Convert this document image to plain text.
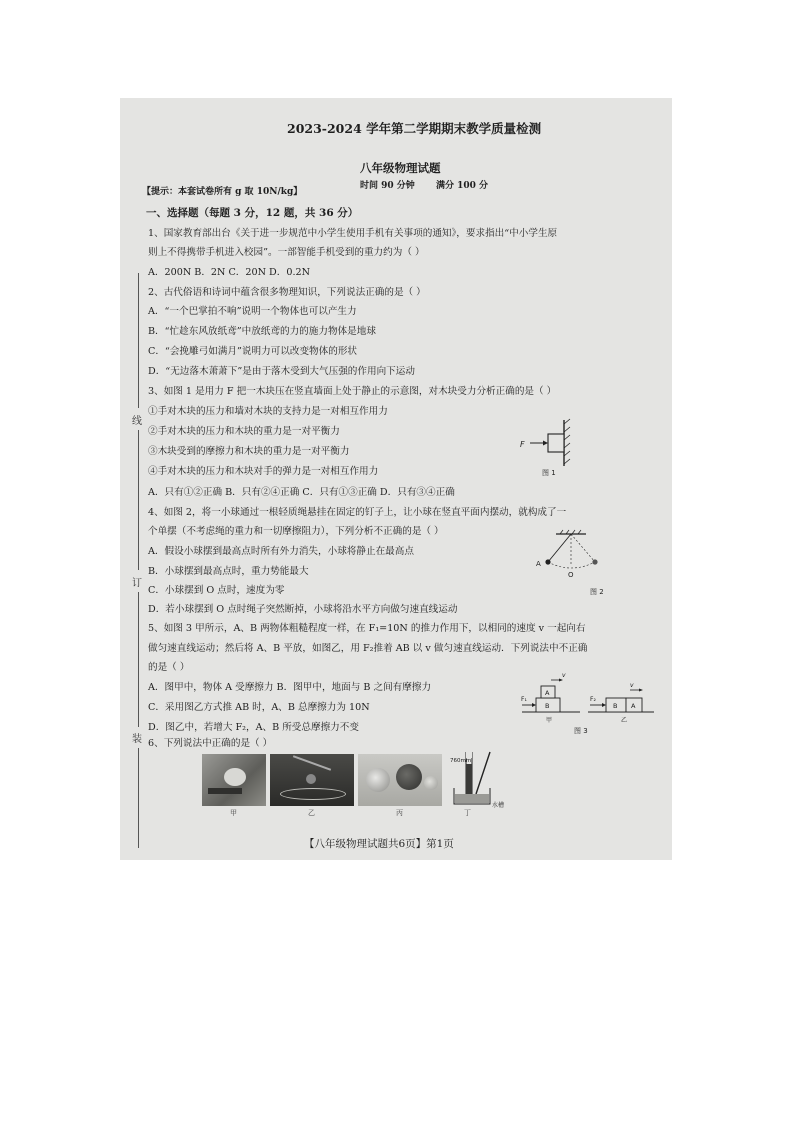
线
订
装
2023-2024 学年第二学期期末教学质量检测
八年级物理试题
时间 90 分钟 满分 100 分
【提示：本套试卷所有 g 取 10N/kg】
一、选择题（每题 3 分，12 题，共 36 分）
1、国家教育部出台《关于进一步规范中小学生使用手机有关事项的通知》，要求指出“中小学生原
则上不得携带手机进入校园”。一部智能手机受到的重力约为（ ）
A．200N B．2N C．20N D．0.2N
2、古代俗语和诗词中蕴含很多物理知识，下列说法正确的是（ ）
A．“一个巴掌拍不响”说明一个物体也可以产生力
B．“忙趁东风放纸鸢”中放纸鸢的力的施力物体是地球
C．“会挽雕弓如满月”说明力可以改变物体的形状
D．“无边落木萧萧下”是由于落木受到大气压强的作用向下运动
3、如图 1 是用力 F 把一木块压在竖直墙面上处于静止的示意图，对木块受力分析正确的是（ ）
①手对木块的压力和墙对木块的支持力是一对相互作用力
②手对木块的压力和木块的重力是一对平衡力
③木块受到的摩擦力和木块的重力是一对平衡力
④手对木块的压力和木块对手的弹力是一对相互作用力
A．只有①②正确 B．只有②④正确 C．只有①③正确 D．只有③④正确
F
图 1
4、如图 2，将一小球通过一根轻质绳悬挂在固定的钉子上，让小球在竖直平面内摆动，就构成了一
个单摆（不考虑绳的重力和一切摩擦阻力），下列分析不正确的是（ ）
A．假设小球摆到最高点时所有外力消失，小球将静止在最高点
B．小球摆到最高点时，重力势能最大
C．小球摆到 O 点时，速度为零
D．若小球摆到 O 点时绳子突然断掉，小球将沿水平方向做匀速直线运动
A
O
图 2
5、如图 3 甲所示，A、B 两物体粗糙程度一样，在 F₁=10N 的推力作用下，以相同的速度 v 一起向右
做匀速直线运动；然后将 A、B 平放，如图乙，用 F₂推着 AB 以 v 做匀速直线运动．下列说法中不正确
的是（ ）
A．图甲中，物体 A 受摩擦力 B．图甲中，地面与 B 之间有摩擦力
C．采用图乙方式推 AB 时，A、B 总摩擦力为 10N
D．图乙中，若增大 F₂，A、B 所受总摩擦力不变
A
B
F₁
v
甲
B A
F₂
v
乙
图 3
6、下列说法中正确的是（ ）
760mm
水槽
甲	乙	丙	丁
【八年级物理试题共6页】第1页
